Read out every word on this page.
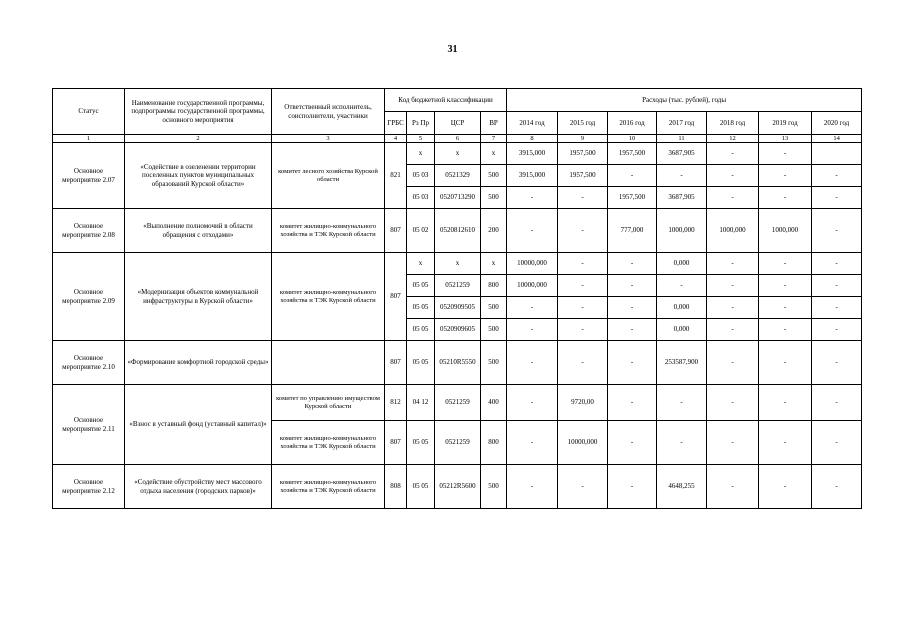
31
Статус	Наименование государственной программы, подпрограммы государственной программы, основного мероприятия	Ответственный исполнитель, соисполнители, участники	Код бюджетной классификации				Расходы (тыс. рублей), годы						
			ГРБС	Рз Пр	ЦСР	ВР	2014 год	2015 год	2016 год	2017 год	2018 год	2019 год	2020 год
1	2	3	4	5	6	7	8	9	10	11	12	13	14
Основное мероприятие 2.07	«Содействие в озеленении территории поселенных пунктов муниципальных образований Курской области»	комитет лесного хозяйства Курской области	821	х	х	х	3915,000	1957,500	1957,500	3687,905	-	-	
				05 03	0521329	500	3915,000	1957,500	-	-	-	-	-
				05 03	0520713290	500	-	-	1957,500	3687,905	-	-	-
Основное мероприятие 2.08	«Выполнение полномочий в области обращения с отходами»	комитет жилищно-коммунального хозяйства и ТЭК Курской области	807	05 02	0520812610	200	-	-	777,000	1000,000	1000,000	1000,000	-
Основное мероприятие 2.09	«Модернизация объектов коммунальной инфраструктуры в Курской области»	комитет жилищно-коммунального хозяйства и ТЭК Курской области	807	х	х	х	10000,000	-	-	0,000	-	-	-
				05 05	0521259	800	10000,000	-	-	-	-	-	-
				05 05	0520909505	500	-	-	-	0,000	-	-	-
				05 05	0520909605	500	-	-	-	0,000	-	-	-
Основное мероприятие 2.10	«Формирование комфортной городской среды»		807	05 05	05210R5550	500	-	-	-	253587,900	-	-	-
Основное мероприятие 2.11	«Взнос в уставный фонд (уставный капитал)»	комитет по управлению имуществом Курской области	812	04 12	0521259	400	-	9720,00	-	-	-	-	-
		комитет жилищно-коммунального хозяйства и ТЭК Курской области	807	05 05	0521259	800	-	10000,000	-	-	-	-	-
Основное мероприятие 2.12	«Содействие обустройству мест массового отдыха населения (городских парков)»	комитет жилищно-коммунального хозяйства и ТЭК Курской области	808	05 05	05212R5600	500	-	-	-	4648,255	-	-	-
